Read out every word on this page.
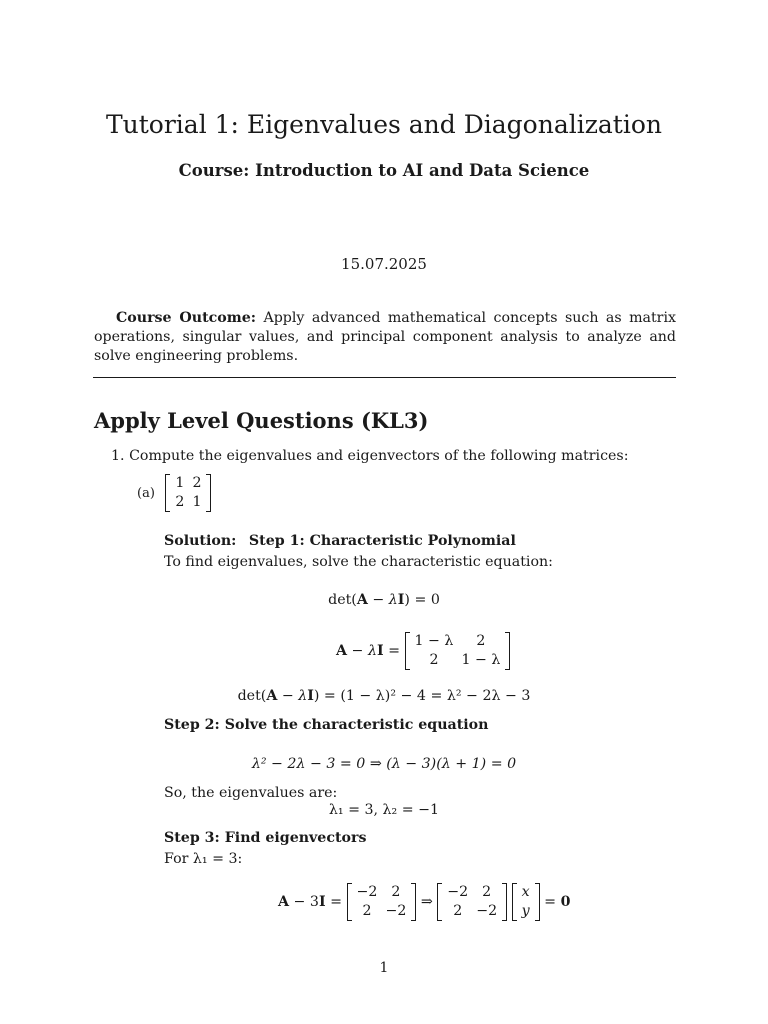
Tutorial 1: Eigenvalues and Diagonalization
Course: Introduction to AI and Data Science
15.07.2025
Course Outcome: Apply advanced mathematical concepts such as matrix operations, singular values, and principal component analysis to analyze and solve engineering problems.
Apply Level Questions (KL3)
1. Compute the eigenvalues and eigenvectors of the following matrices:
(a)
1	2
2	1
Solution: Step 1: Characteristic Polynomial
To find eigenvalues, solve the characteristic equation:
det(A − λI) = 0
A − λI =
1 − λ	2
2	1 − λ
det(A − λI) = (1 − λ)² − 4 = λ² − 2λ − 3
Step 2: Solve the characteristic equation
λ² − 2λ − 3 = 0 ⇒ (λ − 3)(λ + 1) = 0
So, the eigenvalues are:
λ₁ = 3, λ₂ = −1
Step 3: Find eigenvectors
For λ₁ = 3:
A − 3I =
−2	2
2	−2
⇒
−2	2
2	−2

x
y
= 0
1
